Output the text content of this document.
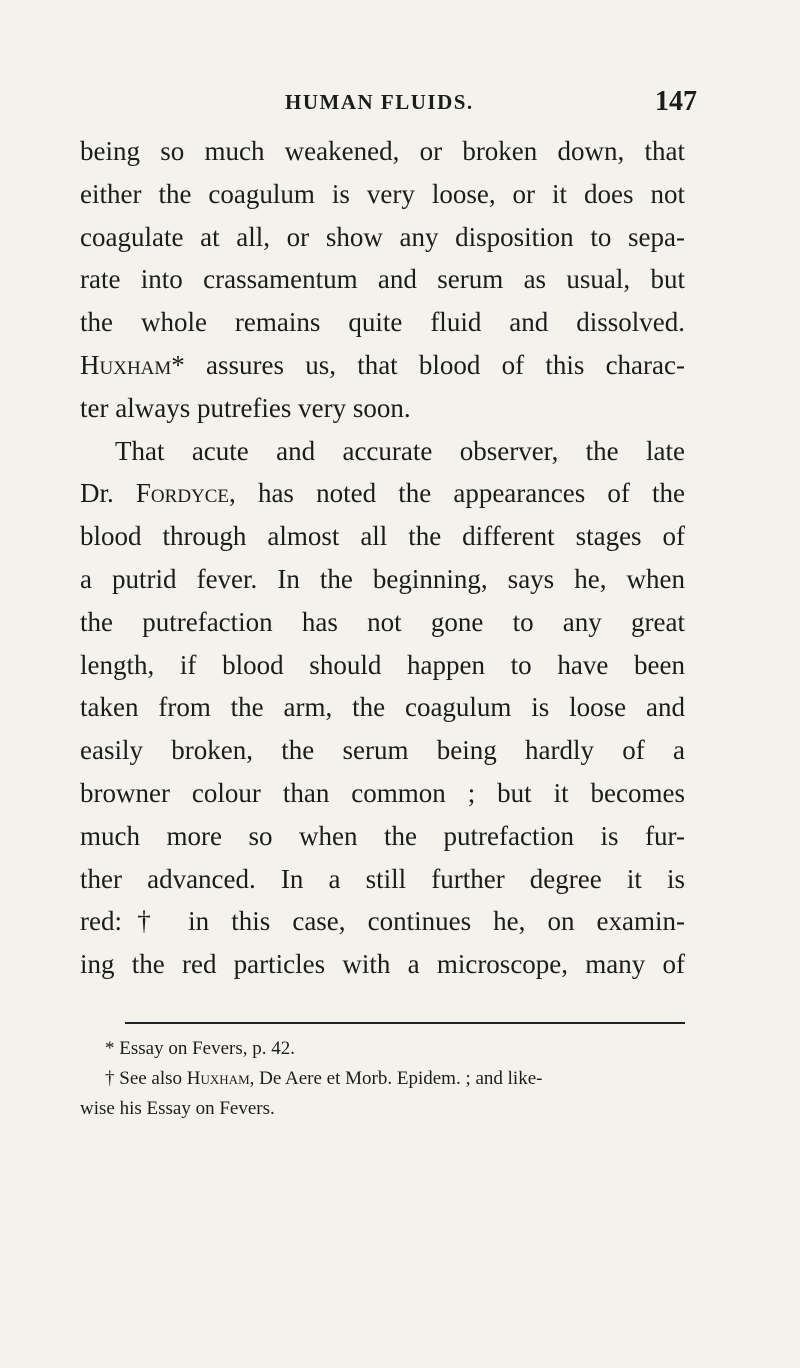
HUMAN FLUIDS.	147
being so much weakened, or broken down, that
either the coagulum is very loose, or it does not
coagulate at all, or show any disposition to sepa-
rate into crassamentum and serum as usual, but
the whole remains quite fluid and dissolved.
Huxham* assures us, that blood of this charac-
ter always putrefies very soon.
That acute and accurate observer, the late
Dr. Fordyce, has noted the appearances of the
blood through almost all the different stages of
a putrid fever. In the beginning, says he, when
the putrefaction has not gone to any great
length, if blood should happen to have been
taken from the arm, the coagulum is loose and
easily broken, the serum being hardly of a
browner colour than common ; but it becomes
much more so when the putrefaction is fur-
ther advanced. In a still further degree it is
red:† in this case, continues he, on examin-
ing the red particles with a microscope, many of
* Essay on Fevers, p. 42.
† See also Huxham, De Aere et Morb. Epidem. ; and like-
wise his Essay on Fevers.
